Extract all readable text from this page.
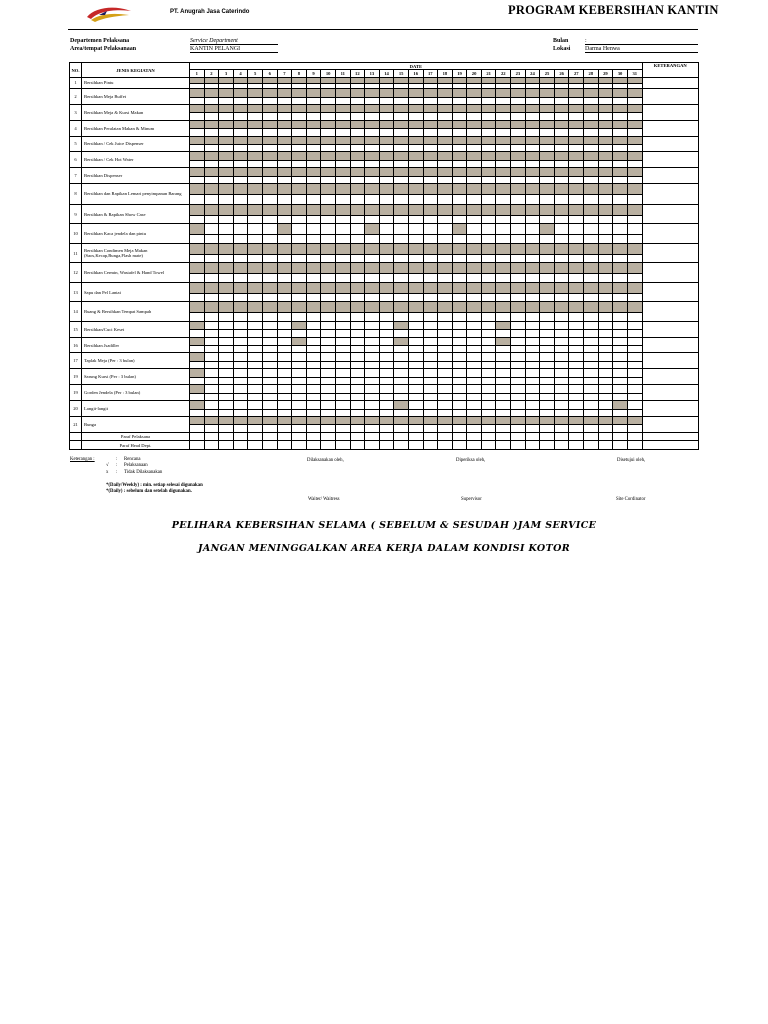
PT. Anugrah Jasa Caterindo	PROGRAM KEBERSIHAN KANTIN
Departemen Pelaksana	Service Department
Area/tempat Pelaksanaan	KANTIN PELANGI
Bulan	:
Lokasi Darma Henwa
NO.	JENIS KEGIATAN	DATE																															KETERANGAN
		1	2	3	4	5	6	7	8	9	10	11	12	13	14	15	16	17	18	19	20	21	22	23	24	25	26	27	28	29	30	31	
1	Bersihkan Pintu																																

2	Bersihkan Meja Buffet																																

3	Bersihkan Meja & Kursi Makan																																

4	Bersihkan Peralatan Makan & Minum																																

5	Bersihkan / Cek Juice Dispenser																																

6	Bersihkan / Cek Hot Water																																

7	Bersihkan Dispenser																																

8	Bersihkan dan Rapikan Lemari penyimpanan Barang																																

9	Bersihkan & Rapikan Show Case																																

10	Bersihkan Kaca jendela dan pintu																																

11	Bersihkan Condimen Meja Makan (Saos,Kecap,Bunga,Flash mate)																																

12	Bersihkan Cermin, Wastafel & Hand Towel																																

13	Sapu dan Pel Lantai																																

14	Buang & Bersihkan Tempat Sampah																																

15	Bersihkan/Cuci Keset																																

16	Bersihkan Jsadiller																																

17	Taplak Meja (Per : 3 bulan)																																

19	Sarung Kursi (Per : 3 bulan)																																

19	Gorden Jendela (Per : 3 bulan)																																

20	Langit-langit																																

21	Bunga																																

	Paraf Pelaksana																																
	Paraf Head Dept.																																
Keterangan :	:	Rencana
√	:	Pelaksanaan
x	:	Tidak Dilaksanakan
*(Daily/Weekly) : min. setiap selesai digunakan
*(Daily) : sebelum dan setelah digunakan.
Dilaksanakan oleh,	Diperiksa oleh,	Disetujui oleh,
Waiter/ Waitress	Supervisor	Site Cordinator
PELIHARA KEBERSIHAN SELAMA ( SEBELUM & SESUDAH )JAM SERVICE
JANGAN MENINGGALKAN AREA KERJA DALAM KONDISI KOTOR
